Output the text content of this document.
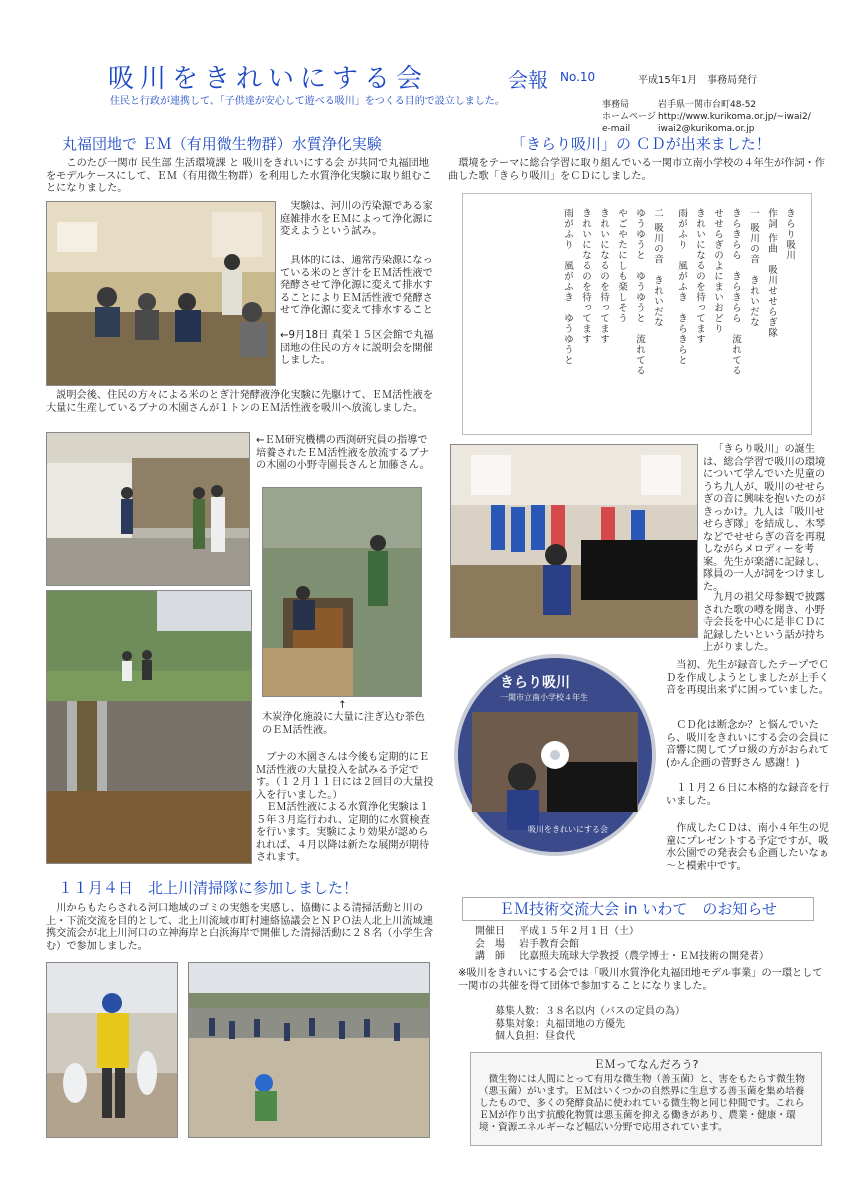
吸川をきれいにする会	会報 No.10	平成15年1月　事務局発行
住民と行政が連携して、「子供達が安心して遊べる吸川」をつくる目的で設立しました。	事務局	岩手県一関市台町48-52
ホームページ http://www.kurikoma.or.jp/~iwai2/
e-mail	iwai2@kurikoma.or.jp
丸福団地で ＥＭ（有用微生物群）水質浄化実験

このたび一関市 民生部 生活環境課 と 吸川をきれいにする会 が共同で丸福団地をモデルケースにして、ＥＭ（有用微生物群）を利用した水質浄化実験に取り組むことになりました。

実験は、河川の汚染源である家庭雑排水をＥＭによって浄化源に変えようという試み。

具体的には、通常汚染源になっている米のとぎ汁をＥＭ活性液で発酵させて浄化源に変えて排水することによりＥＭ活性液で発酵させて浄化源に変えて排水すること

←9月18日 真栄１５区会館で丸福団地の住民の方々に説明会を開催しました。

説明会後、住民の方々による米のとぎ汁発酵液浄化実験に先駆けて、ＥＭ活性液を大量に生産しているブナの木園さんが１トンのＥＭ活性液を吸川へ放流しました。

←ＥＭ研究機構の西渕研究員の指導で培養されたＥＭ活性液を放流するブナの木園の小野寺園長さんと加藤さん。

↑

木炭浄化施設に大量に注ぎ込む茶色のＥＭ活性液。

ブナの木園さんは今後も定期的にＥＭ活性液の大量投入を試みる予定です。（１２月１１日には２回目の大量投入を行いました。）

ＥＭ活性液による水質浄化実験は１５年３月迄行われ、定期的に水質検査を行います。実験により効果が認められれば、４月以降は新たな展開が期待されます。

１１月４日　北上川清掃隊に参加しました！

川からもたらされる河口地域のゴミの実態を実感し、協働による清掃活動と川の上・下流交流を目的として、北上川流域市町村連絡協議会とＮＰＯ法人北上川流域連携交流会が北上川河口の立神海岸と白浜海岸で開催した清掃活動に２８名（小学生含む）で参加しました。

「きらり吸川」の ＣＤが出来ました！

環境をテーマに総合学習に取り組んでいる一関市立南小学校の４年生が作詞・作曲した歌「きらり吸川」をＣＤにしました。

きらり吸川
作詞 作曲　吸川せせらぎ隊
一 吸川の音　きれいだな
きらきらら　きらきらら　流れてる
せせらぎのよにまいおどり
きれいになるのを待ってます
雨がふり　風がふき　きらきらと
二 吸川の音　きれいだな
ゆうゆうと　ゆうゆうと　流れてる
やごやたにしも楽しそう
きれいになるのを待ってます
きれいになるのを待ってます
雨がふり　風がふき　ゆうゆうと

「きらり吸川」の誕生は、総合学習で吸川の環境について学んでいた児童のうち九人が、吸川のせせらぎの音に興味を抱いたのがきっかけ。九人は「吸川せせらぎ隊」を結成し、木琴などでせせらぎの音を再現しながらメロディーを考案。先生が楽譜に記録し、隊員の一人が詞をつけました。

九月の祖父母参観で披露された歌の噂を聞き、小野寺会長を中心に是非ＣＤに記録したいという話が持ち上がりました。

きらり吸川
一関市立南小学校４年生
吸川をきれいにする会

当初、先生が録音したテープでＣＤを作成しようとしましたが上手く音を再現出来ずに困っていました。

ＣＤ化は断念か？と悩んでいたら、吸川をきれいにする会の会員に音響に関してプロ級の方がおられて(かん企画の菅野さん 感謝！)

１１月２６日に本格的な録音を行いました。

作成したＣＤは、南小４年生の児童にプレゼントする予定ですが、吸水公園での発表会も企画したいなぁ～と模索中です。

ＥＭ技術交流大会 in いわて　のお知らせ
開催日	平成１５年２月１日（土）
会　場	岩手教育会館
講　師	比嘉照夫琉球大学教授（農学博士・ＥＭ技術の開発者）

※吸川をきれいにする会では「吸川水質浄化丸福団地モデル事業」の一環として一関市の共催を得て団体で参加することになりました。

募集人数：３８名以内（バスの定員の為）
募集対象：丸福団地の方優先
個人負担：昼食代
ＥＭってなんだろう?

微生物には人間にとって有用な微生物（善玉菌）と、害をもたらす微生物（悪玉菌）がいます。ＥＭはいくつかの自然界に生息する善玉菌を集め培養したもので、多くの発酵食品に使われている微生物と同じ仲間です。これらＥＭが作り出す抗酸化物質は悪玉菌を抑える働きがあり、農業・健康・環境・資源エネルギーなど幅広い分野で応用されています。
